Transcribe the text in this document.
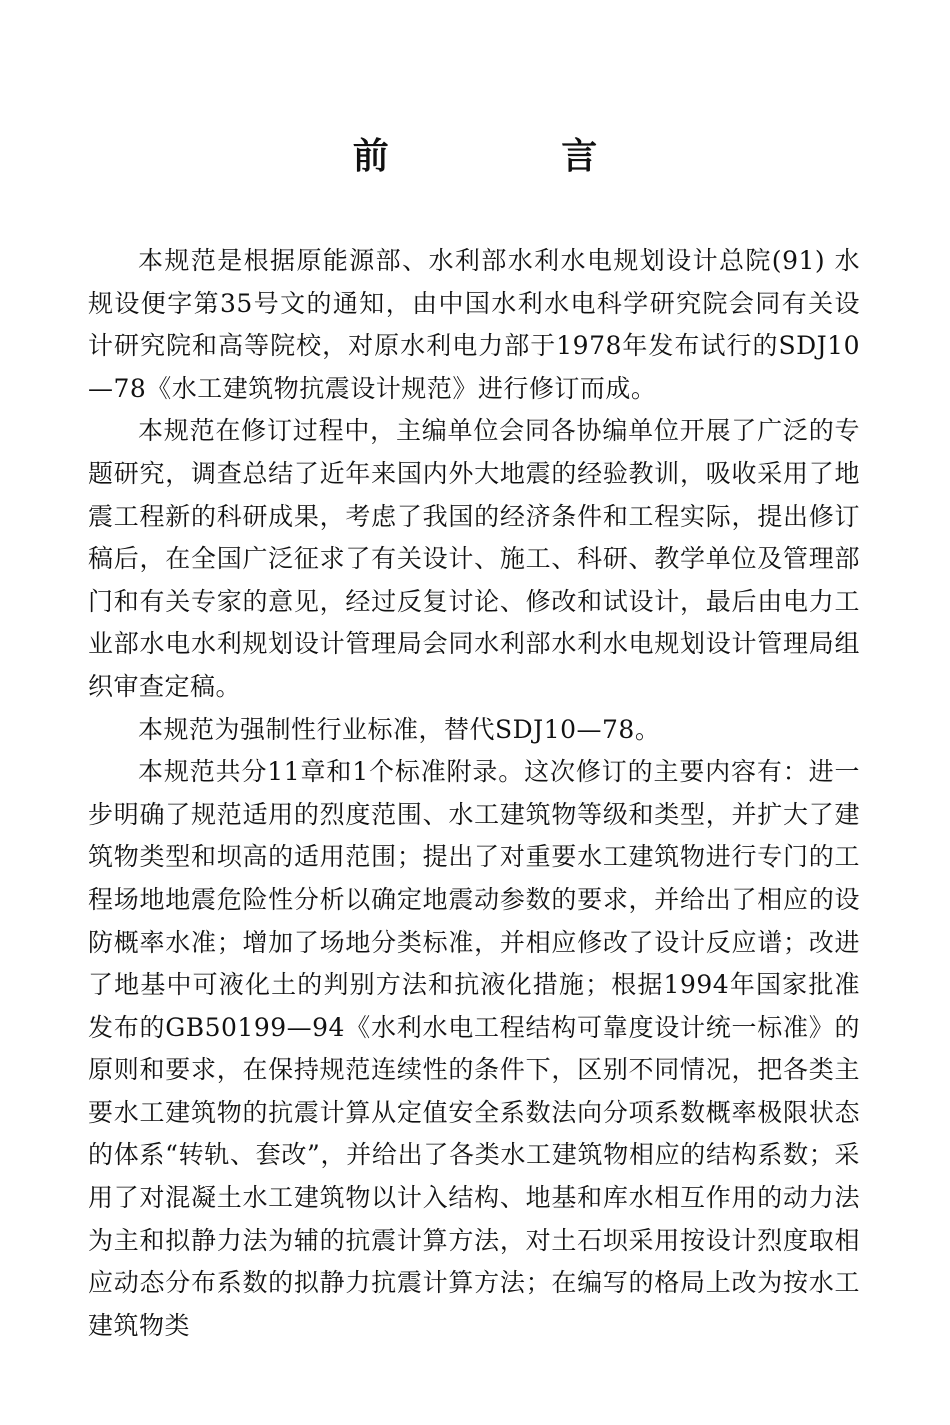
前 言

本规范是根据原能源部、水利部水利水电规划设计总院(91) 水规设便字第35号文的通知，由中国水利水电科学研究院会同有关设计研究院和高等院校，对原水利电力部于1978年发布试行的SDJ10—78《水工建筑物抗震设计规范》进行修订而成。

本规范在修订过程中，主编单位会同各协编单位开展了广泛的专题研究，调查总结了近年来国内外大地震的经验教训，吸收采用了地震工程新的科研成果，考虑了我国的经济条件和工程实际，提出修订稿后，在全国广泛征求了有关设计、施工、科研、教学单位及管理部门和有关专家的意见，经过反复讨论、修改和试设计，最后由电力工业部水电水利规划设计管理局会同水利部水利水电规划设计管理局组织审查定稿。

本规范为强制性行业标准，替代SDJ10—78。

本规范共分11章和1个标准附录。这次修订的主要内容有：进一步明确了规范适用的烈度范围、水工建筑物等级和类型，并扩大了建筑物类型和坝高的适用范围；提出了对重要水工建筑物进行专门的工程场地地震危险性分析以确定地震动参数的要求，并给出了相应的设防概率水准；增加了场地分类标准，并相应修改了设计反应谱；改进了地基中可液化土的判别方法和抗液化措施；根据1994年国家批准发布的GB50199—94《水利水电工程结构可靠度设计统一标准》的原则和要求，在保持规范连续性的条件下，区别不同情况，把各类主要水工建筑物的抗震计算从定值安全系数法向分项系数概率极限状态的体系“转轨、套改”，并给出了各类水工建筑物相应的结构系数；采用了对混凝土水工建筑物以计入结构、地基和库水相互作用的动力法为主和拟静力法为辅的抗震计算方法，对土石坝采用按设计烈度取相应动态分布系数的拟静力抗震计算方法；在编写的格局上改为按水工建筑物类
